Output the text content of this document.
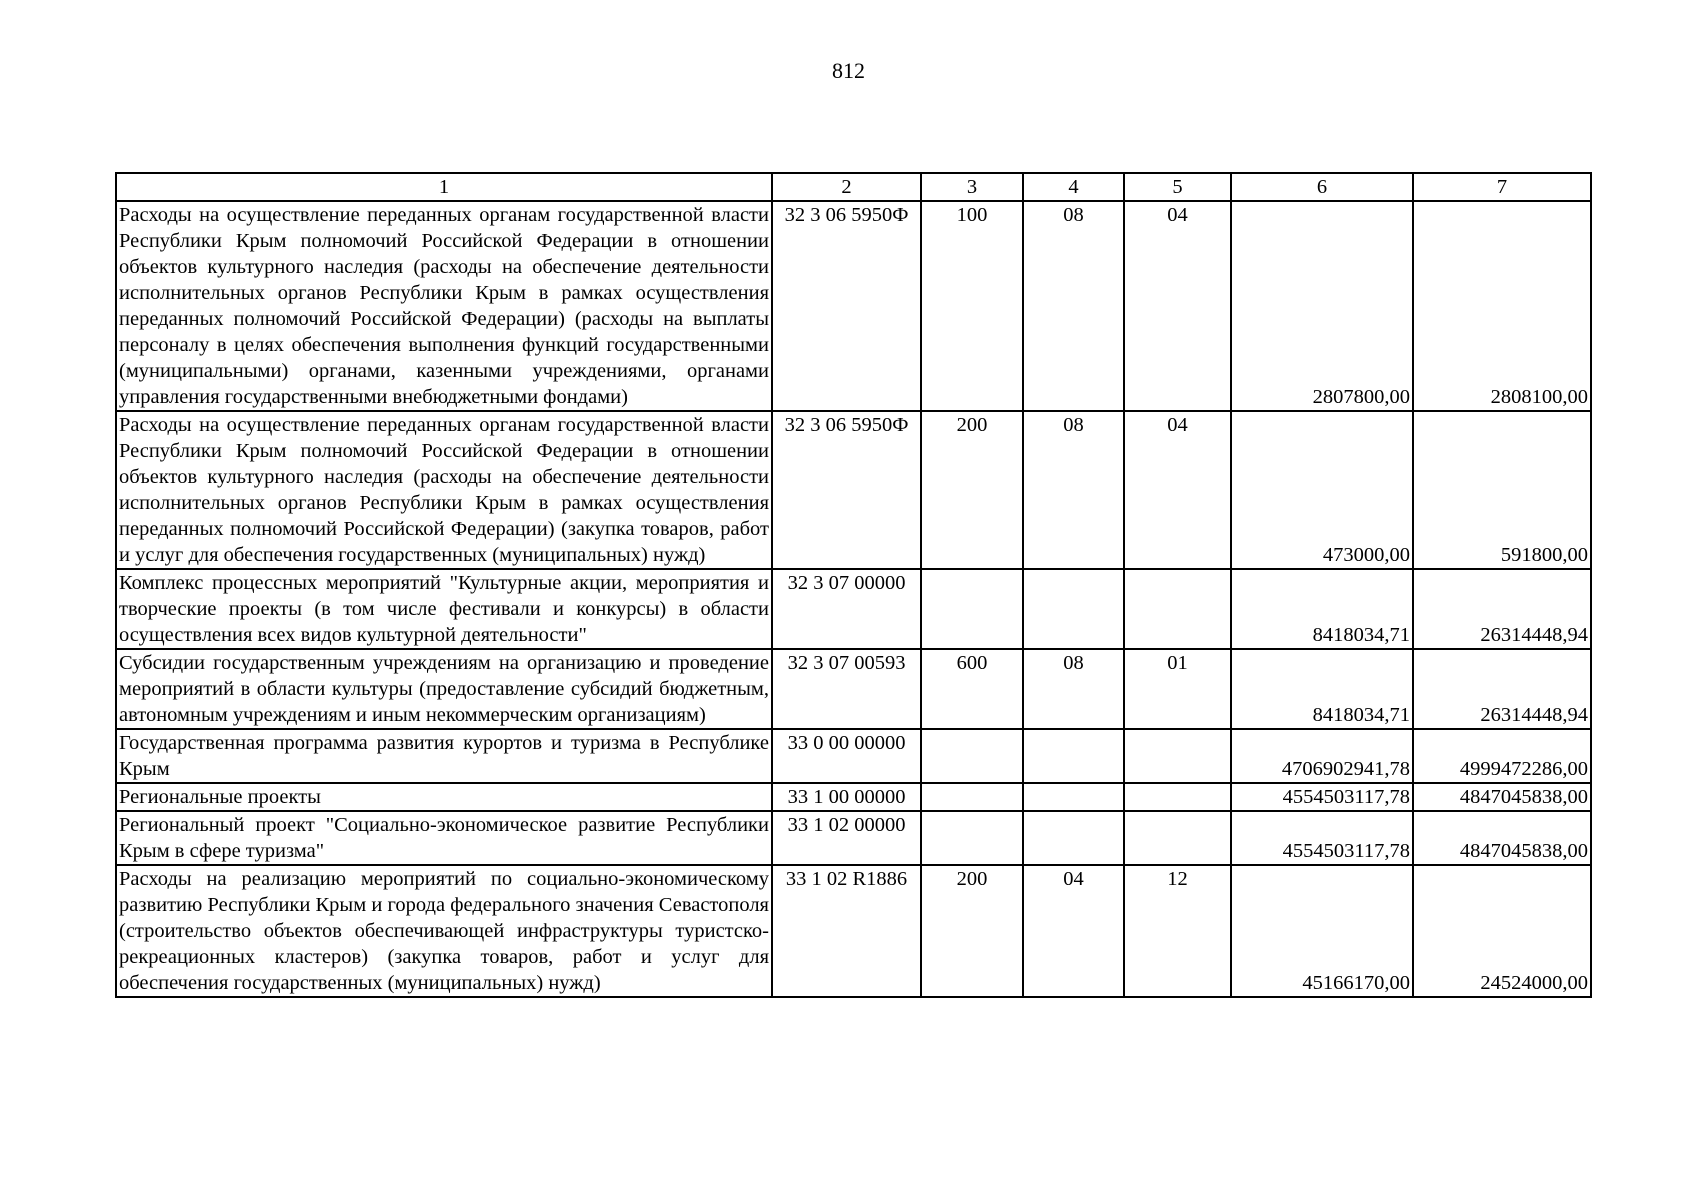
812
1	2	3	4	5	6	7
Расходы на осуществление переданных органам государственной власти Республики Крым полномочий Российской Федерации в отношении объектов культурного наследия (расходы на обеспечение деятельности исполнительных органов Республики Крым в рамках осуществления переданных полномочий Российской Федерации) (расходы на выплаты персоналу в целях обеспечения выполнения функций государственными (муниципальными) органами, казенными учреждениями, органами управления государственными внебюджетными фондами)	32 3 06 5950Ф	100	08	04	2807800,00	2808100,00
Расходы на осуществление переданных органам государственной власти Республики Крым полномочий Российской Федерации в отношении объектов культурного наследия (расходы на обеспечение деятельности исполнительных органов Республики Крым в рамках осуществления переданных полномочий Российской Федерации) (закупка товаров, работ и услуг для обеспечения государственных (муниципальных) нужд)	32 3 06 5950Ф	200	08	04	473000,00	591800,00
Комплекс процессных мероприятий "Культурные акции, мероприятия и творческие проекты (в том числе фестивали и конкурсы) в области осуществления всех видов культурной деятельности"	32 3 07 00000				8418034,71	26314448,94
Субсидии государственным учреждениям на организацию и проведение мероприятий в области культуры (предоставление субсидий бюджетным, автономным учреждениям и иным некоммерческим организациям)	32 3 07 00593	600	08	01	8418034,71	26314448,94
Государственная программа развития курортов и туризма в Республике Крым	33 0 00 00000				4706902941,78	4999472286,00
Региональные проекты	33 1 00 00000				4554503117,78	4847045838,00
Региональный проект "Социально-экономическое развитие Республики Крым в сфере туризма"	33 1 02 00000				4554503117,78	4847045838,00
Расходы на реализацию мероприятий по социально-экономическому развитию Республики Крым и города федерального значения Севастополя (строительство объектов обеспечивающей инфраструктуры туристско-рекреационных кластеров) (закупка товаров, работ и услуг для обеспечения государственных (муниципальных) нужд)	33 1 02 R1886	200	04	12	45166170,00	24524000,00
